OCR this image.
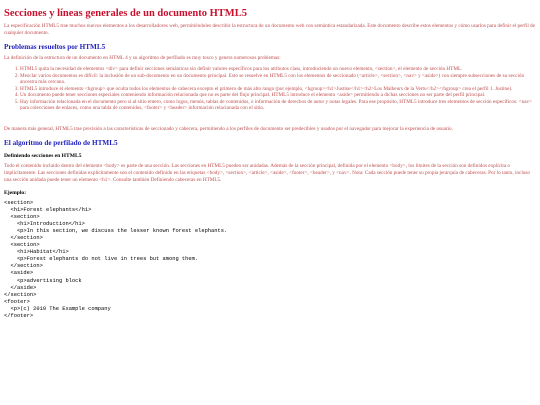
Secciones y líneas generales de un documento HTML5

La especificación HTML5 trae muchos nuevos elementos a los desarrolladores web, permitiéndoles describir la estructura de un documento web con semántica estandarizada. Este documento describe estos elementos y cómo usarlos para definir el perfil de cualquier documento.

Problemas resueltos por HTML5

La definición de la estructura de un documento en HTML 4 y su algoritmo de perfilado es muy tosco y genera numerosos problemas:

1. HTML5 quita la necesidad de elementos <div> para definir secciones semánticas sin definir valores específicos para los atributos class, introduciendo un nuevo elemento, <section>, el elemento de sección HTML.
2. Mezclar varios documentos es difícil: la inclusión de un sub-documento en un documento principal. Esto se resuelve en HTML5 con los elementos de seccionado (<article>, <section>, <nav> y <aside>) con siempre subsecciones de su sección ancestra más cercana.
3. HTML5 introduce el elemento <hgroup> que oculta todos los elementos de cabecera excepto el primero de más alto rango (por ejemplo, <hgroup><h1>Justine</h1><h2>Los Malheurs de la Vertu</h2></hgroup> crea el perfil 1. Justine).
4. Un documento puede tener secciones especiales conteniendo información relacionada que no es parte del flujo principal. HTML5 introduce el elemento <aside> permitiendo a dichas secciones no ser parte del perfil principal.
5. Hay información relacionada en el documento pero si al sitio entero, como logos, menús, tablas de contenidos, o información de derechos de autor y notas legales. Para ese propósito, HTML5 introduce tres elementos de sección específicos: <nav> para colecciones de enlaces, como una tabla de contenidos, <footer> y <header> información relacionada con el sitio.

De manera más general, HTML5 trae precisión a las características de seccionado y cabecera, permitiendo a los perfiles de documento ser predecibles y usados por el navegador para mejorar la experiencia de usuario.

El algoritmo de perfilado de HTML5
Definiendo secciones en HTML5

Todo el contenido incluido dentro del elemento <body> es parte de una sección. Las secciones en HTML5 pueden ser anidadas. Además de la sección principal, definida por el elemento <body>, los límites de la sección son definidos explícita o implícitamente. Las secciones definidas explícitamente son el contenido definido en las etiquetas <body>, <section>, <article>, <aside>, <footer>, <header>, y <nav>. Nota: Cada sección puede tener su propia jerarquía de cabeceras. Por lo tanto, incluso una sección anidada puede tener un elemento <h1>. Consulte también Definiendo cabeceras en HTML5.

Ejemplo:
<section>
<h1>Forest elephants</h1>
<section>
<h1>Introduction</h1>
<p>In this section, we discuss the lesser known forest elephants.
</section>
<section>
<h1>Habitat</h1>
<p>Forest elephants do not live in trees but among them.
</section>
<aside>
<p>advertising block
</aside>
</section>
<footer>
<p>(c) 2010 The Example company
</footer>
